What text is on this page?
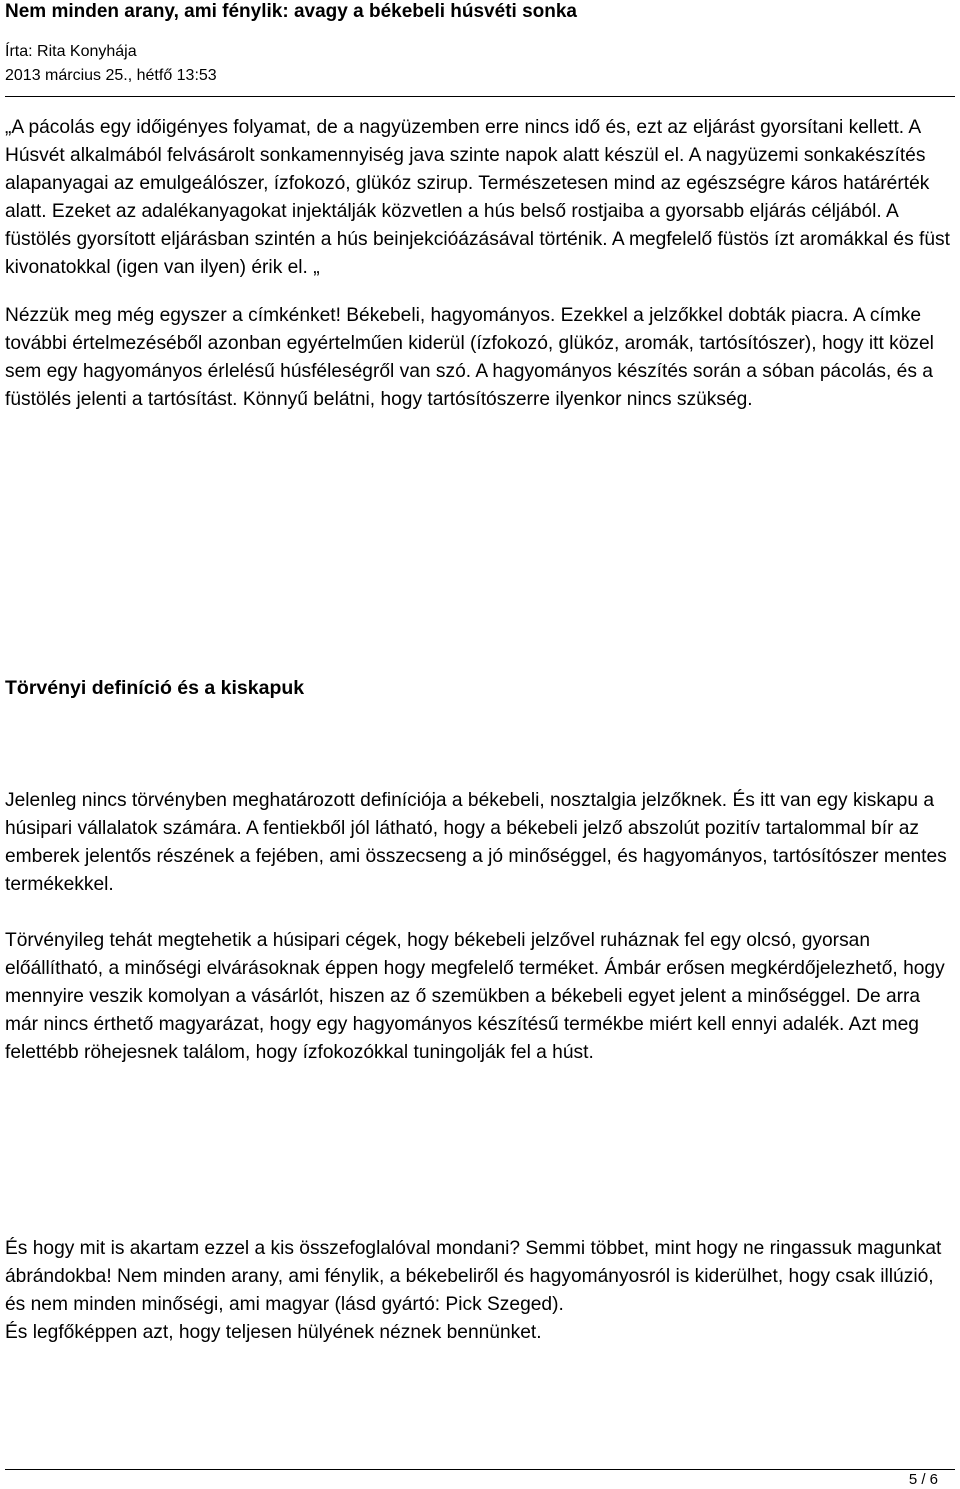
Nem minden arany, ami fénylik: avagy a békebeli húsvéti sonka

Írta: Rita Konyhája

2013 március 25., hétfő 13:53

„A pácolás egy időigényes folyamat, de a nagyüzemben erre nincs idő és, ezt az eljárást gyorsítani kellett. A Húsvét alkalmából felvásárolt sonkamennyiség java szinte napok alatt készül el. A nagyüzemi sonkakészítés alapanyagai az emulgeálószer, ízfokozó, glükóz szirup. Természetesen mind az egészségre káros határérték alatt. Ezeket az adalékanyagokat injektálják közvetlen a hús belső rostjaiba a gyorsabb eljárás céljából. A füstölés gyorsított eljárásban szintén a hús beinjekcióázásával történik. A megfelelő füstös ízt aromákkal és füst kivonatokkal (igen van ilyen) érik el. „

Nézzük meg még egyszer a címkénket! Békebeli, hagyományos. Ezekkel a jelzőkkel dobták piacra. A címke további értelmezéséből azonban egyértelműen kiderül (ízfokozó, glükóz, aromák, tartósítószer), hogy itt közel sem egy hagyományos érlelésű húsféleségről van szó. A hagyományos készítés során a sóban pácolás, és a füstölés jelenti a tartósítást. Könnyű belátni, hogy tartósítószerre ilyenkor nincs szükség.

Törvényi definíció és a kiskapuk

Jelenleg nincs törvényben meghatározott definíciója a békebeli, nosztalgia jelzőknek. És itt van egy kiskapu a húsipari vállalatok számára. A fentiekből jól látható, hogy a békebeli jelző abszolút pozitív tartalommal bír az emberek jelentős részének a fejében, ami összecseng a jó minőséggel, és hagyományos, tartósítószer mentes termékekkel.

Törvényileg tehát megtehetik a húsipari cégek, hogy békebeli jelzővel ruháznak fel egy olcsó, gyorsan előállítható, a minőségi elvárásoknak éppen hogy megfelelő terméket. Ámbár erősen megkérdőjelezhető, hogy mennyire veszik komolyan a vásárlót, hiszen az ő szemükben a békebeli egyet jelent a minőséggel. De arra már nincs érthető magyarázat, hogy egy hagyományos készítésű termékbe miért kell ennyi adalék. Azt meg felettébb röhejesnek találom, hogy ízfokozókkal tuningolják fel a húst.

És hogy mit is akartam ezzel a kis összefoglalóval mondani? Semmi többet, mint hogy ne ringassuk magunkat ábrándokba! Nem minden arany, ami fénylik, a békebeliről és hagyományosról is kiderülhet, hogy csak illúzió, és nem minden minőségi, ami magyar (lásd gyártó: Pick Szeged).

És legfőképpen azt, hogy teljesen hülyének néznek bennünket.

5 / 6
